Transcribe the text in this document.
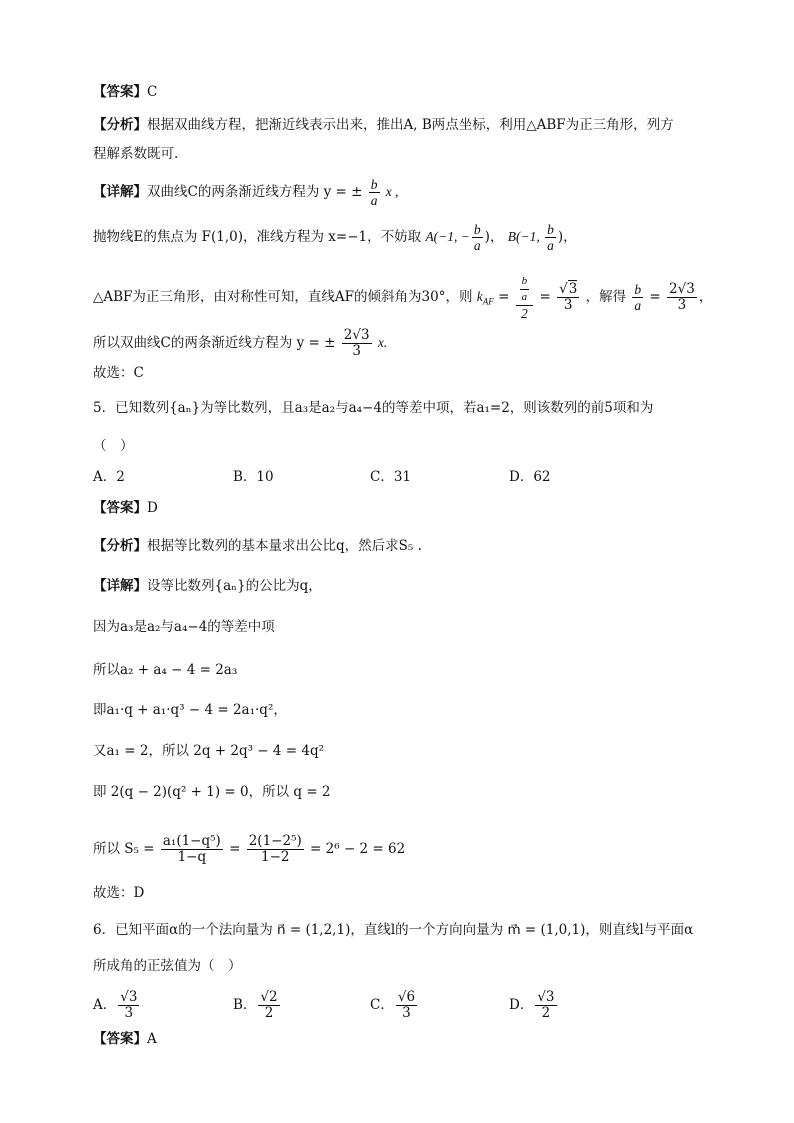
【答案】C
【分析】根据双曲线方程，把渐近线表示出来，推出A, B两点坐标，利用△ABF为正三角形，列方
程解系数既可.
【详解】双曲线C的两条渐近线方程为 y = ± $\frac{b}{a}$ x ,
抛物线E的焦点为 F(1,0)，准线方程为 x=−1，不妨取 A(−1, − $\frac{b}{a}$ )， B(−1, $\frac{b}{a}$ )，
△ABF为正三角形，由对称性可知，直线AF的倾斜角为30°，则 $k_{AF} = \frac{\frac{b}{a}}{2} = \frac{√3}{3}$ ，解得 $\frac{b}{a} = \frac{2√3}{3}$ ，
所以双曲线C的两条渐近线方程为 y = ± $\frac{2√3}{3} x$.
故选：C
5．已知数列{aₙ}为等比数列，且a₃是a₂与a₄−4的等差中项，若a₁=2，则该数列的前5项和为
（　）
A．2	B．10	C．31	D．62
【答案】D
【分析】根据等比数列的基本量求出公比q，然后求S₅ .
【详解】设等比数列{aₙ}的公比为q，
因为a₃是a₂与a₄−4的等差中项
所以a₂ + a₄ − 4 = 2a₃
即a₁·q + a₁·q³ − 4 = 2a₁·q²，
又a₁ = 2，所以 2q + 2q³ − 4 = 4q²
即 2(q − 2)(q² + 1) = 0，所以 q = 2
所以 $S_5 = \frac{\text{a₁(1−q⁵)}}{1-q} = \frac{\text{2(1−2⁵)}}{1-2} = 2^6 - 2 = 62$
故选：D
6．已知平面α的一个法向量为 n⃗ = (1,2,1)，直线l的一个方向向量为 m⃗ = (1,0,1)，则直线l与平面α
所成角的正弦值为（　）
A． $\frac{√3}{3}$	B． $\frac{√2}{2}$	C． $\frac{√6}{3}$	D． $\frac{√3}{2}$
【答案】A
